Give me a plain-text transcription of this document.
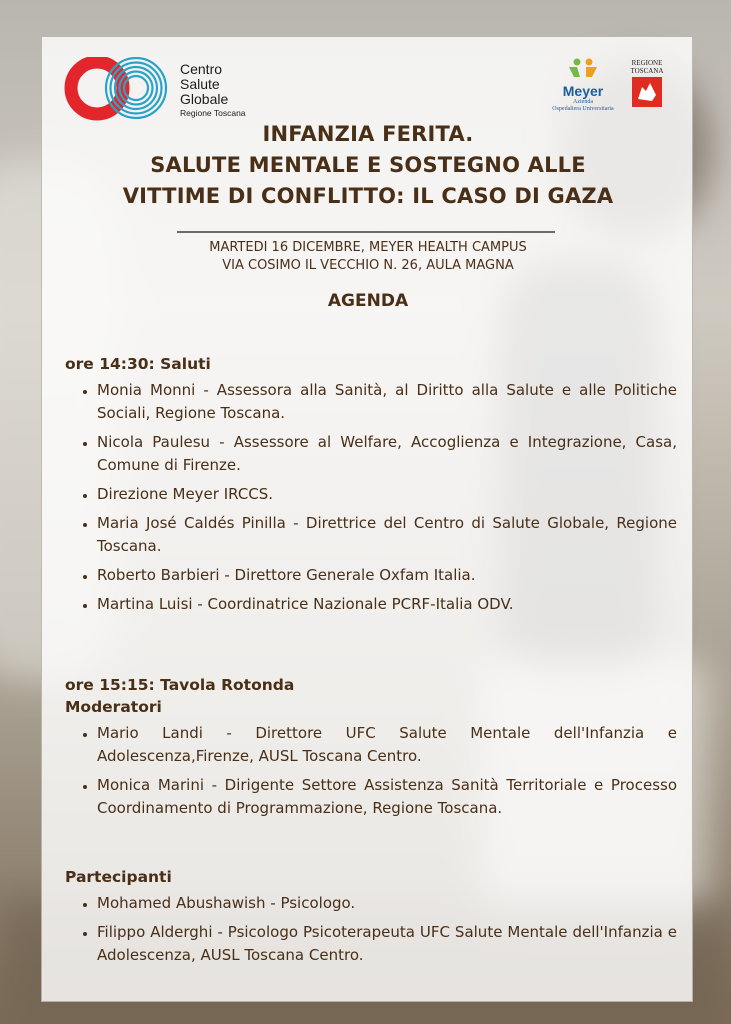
Centro
Salute
Globale
Regione Toscana
Meyer
Azienda
Ospedaliera Universitaria
REGIONE
TOSCANA
INFANZIA FERITA.
SALUTE MENTALE E SOSTEGNO ALLE
VITTIME DI CONFLITTO: IL CASO DI GAZA
MARTEDI 16 DICEMBRE, MEYER HEALTH CAMPUS
VIA COSIMO IL VECCHIO N. 26, AULA MAGNA
AGENDA
ore 14:30: Saluti
• Monia Monni - Assessora alla Sanità, al Diritto alla Salute e alle Politiche Sociali, Regione Toscana.
• Nicola Paulesu - Assessore al Welfare, Accoglienza e Integrazione, Casa, Comune di Firenze.
• Direzione Meyer IRCCS.
• Maria José Caldés Pinilla - Direttrice del Centro di Salute Globale, Regione Toscana.
• Roberto Barbieri - Direttore Generale Oxfam Italia.
• Martina Luisi - Coordinatrice Nazionale PCRF-Italia ODV.
ore 15:15: Tavola Rotonda
Moderatori
• Mario Landi - Direttore UFC Salute Mentale dell'Infanzia e Adolescenza,Firenze, AUSL Toscana Centro.
• Monica Marini - Dirigente Settore Assistenza Sanità Territoriale e Processo Coordinamento di Programmazione, Regione Toscana.
Partecipanti
• Mohamed Abushawish - Psicologo.
• Filippo Alderghi - Psicologo Psicoterapeuta UFC Salute Mentale dell'Infanzia e Adolescenza, AUSL Toscana Centro.
